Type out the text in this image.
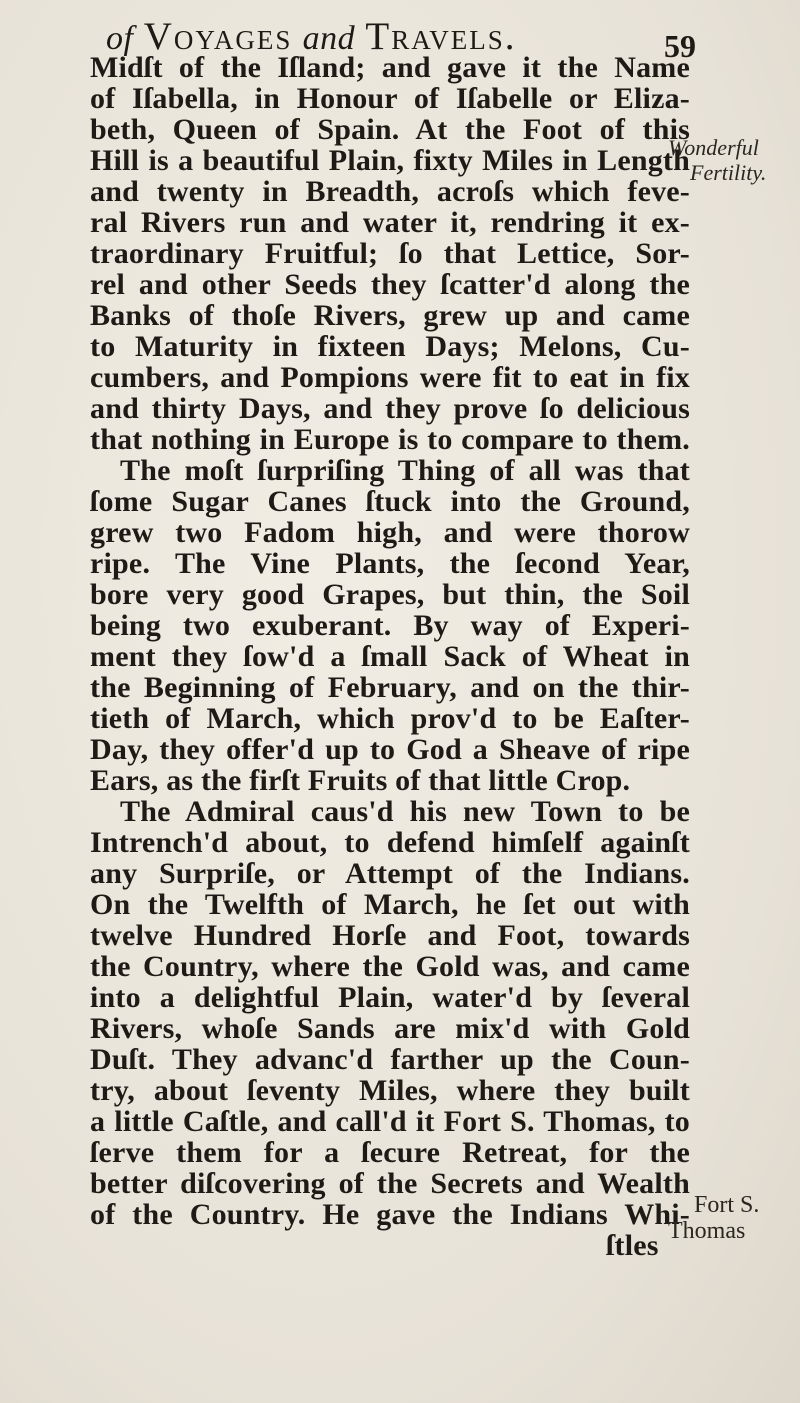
of Voyages and Travels.	59
Midſt of the Iſland; and gave it the Name
of Iſabella, in Honour of Iſabelle or Eliza-
beth, Queen of Spain. At the Foot of this
Hill is a beautiful Plain, fixty Miles in Length
and twenty in Breadth, acroſs which feve-
ral Rivers run and water it, rendring it ex-
traordinary Fruitful; ſo that Lettice, Sor-
rel and other Seeds they ſcatter'd along the
Banks of thoſe Rivers, grew up and came
to Maturity in fixteen Days; Melons, Cu-
cumbers, and Pompions were fit to eat in fix
and thirty Days, and they prove ſo delicious
that nothing in Europe is to compare to them.
The moſt ſurpriſing Thing of all was that
ſome Sugar Canes ſtuck into the Ground,
grew two Fadom high, and were thorow
ripe. The Vine Plants, the ſecond Year,
bore very good Grapes, but thin, the Soil
being two exuberant. By way of Experi-
ment they ſow'd a ſmall Sack of Wheat in
the Beginning of February, and on the thir-
tieth of March, which prov'd to be Eaſter-
Day, they offer'd up to God a Sheave of ripe
Ears, as the firſt Fruits of that little Crop.
The Admiral caus'd his new Town to be
Intrench'd about, to defend himſelf againſt
any Surpriſe, or Attempt of the Indians.
On the Twelfth of March, he ſet out with
twelve Hundred Horſe and Foot, towards
the Country, where the Gold was, and came
into a delightful Plain, water'd by ſeveral
Rivers, whoſe Sands are mix'd with Gold
Duſt. They advanc'd farther up the Coun-
try, about ſeventy Miles, where they built
a little Caſtle, and call'd it Fort S. Thomas, to
ſerve them for a ſecure Retreat, for the
better diſcovering of the Secrets and Wealth
of the Country. He gave the Indians Whi-
ſtles
Wonderful
Fertility.
Fort S.
Thomas
